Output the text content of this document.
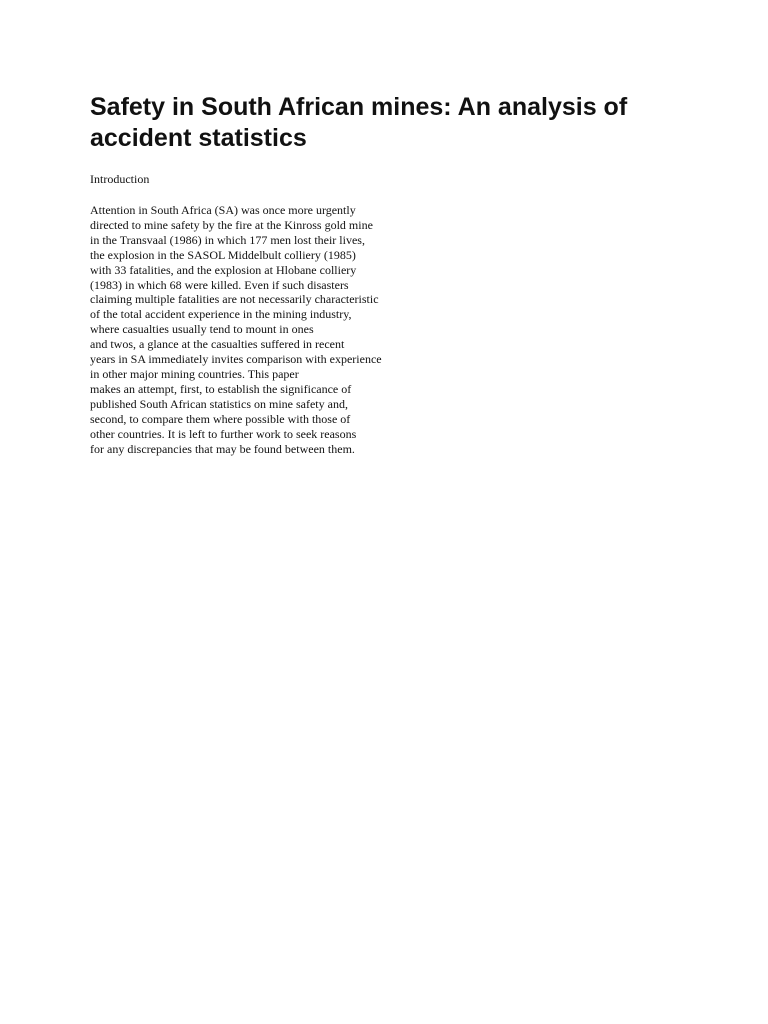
Safety in South African mines: An analysis of
accident statistics

Introduction

Attention in South Africa (SA) was once more urgently
directed to mine safety by the fire at the Kinross gold mine
in the Transvaal (1986) in which 177 men lost their lives,
the explosion in the SASOL Middelbult colliery (1985)
with 33 fatalities, and the explosion at Hlobane colliery
(1983) in which 68 were killed. Even if such disasters
claiming multiple fatalities are not necessarily characteristic
of the total accident experience in the mining industry,
where casualties usually tend to mount in ones
and twos, a glance at the casualties suffered in recent
years in SA immediately invites comparison with experience
in other major mining countries. This paper
makes an attempt, first, to establish the significance of
published South African statistics on mine safety and,
second, to compare them where possible with those of
other countries. It is left to further work to seek reasons
for any discrepancies that may be found between them.
